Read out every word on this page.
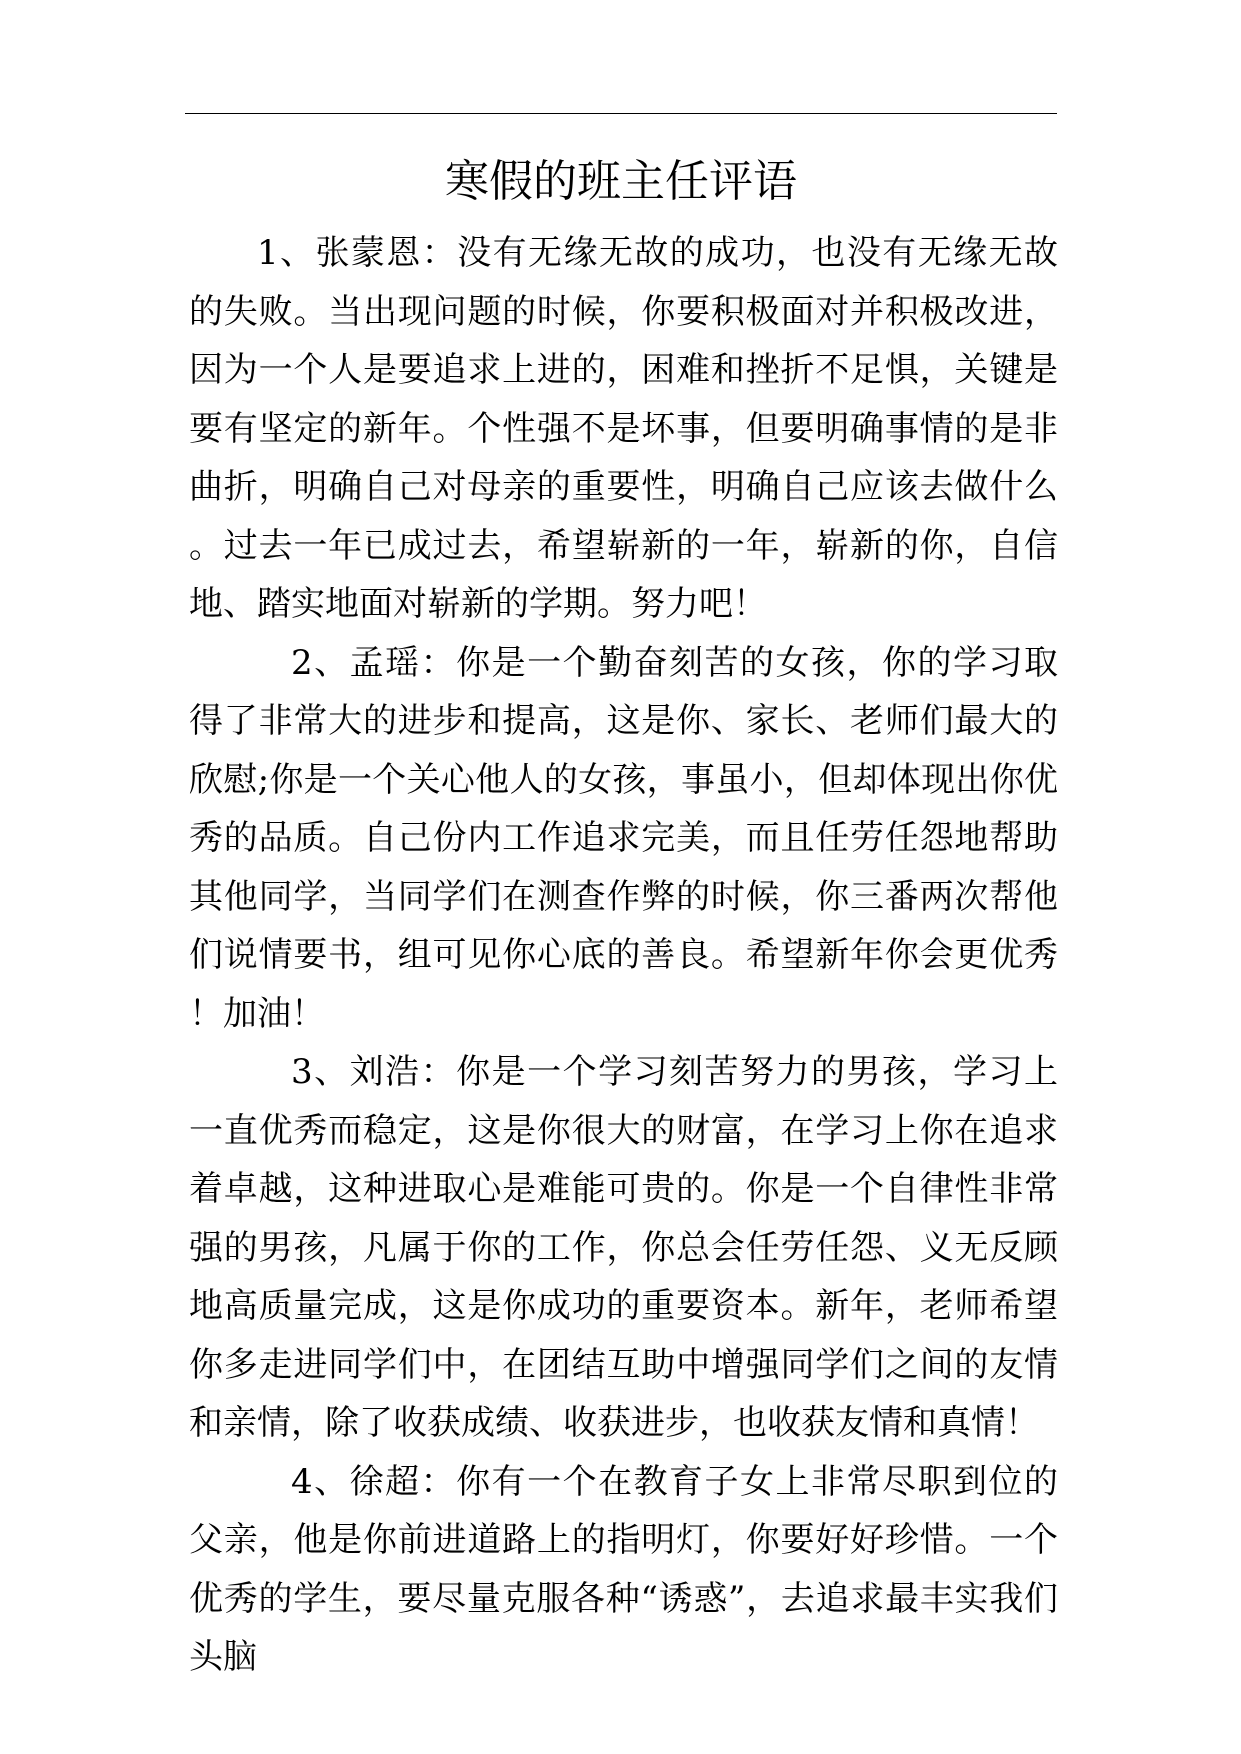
寒假的班主任评语

1、张蒙恩：没有无缘无故的成功，也没有无缘无故的失败。当出现问题的时候，你要积极面对并积极改进，因为一个人是要追求上进的，困难和挫折不足惧，关键是要有坚定的新年。个性强不是坏事，但要明确事情的是非曲折，明确自己对母亲的重要性，明确自己应该去做什么。过去一年已成过去，希望崭新的一年，崭新的你，自信地、踏实地面对崭新的学期。努力吧！

2、孟瑶：你是一个勤奋刻苦的女孩，你的学习取得了非常大的进步和提高，这是你、家长、老师们最大的欣慰;你是一个关心他人的女孩，事虽小，但却体现出你优秀的品质。自己份内工作追求完美，而且任劳任怨地帮助其他同学，当同学们在测查作弊的时候，你三番两次帮他们说情要书，组可见你心底的善良。希望新年你会更优秀！加油！

3、刘浩：你是一个学习刻苦努力的男孩，学习上一直优秀而稳定，这是你很大的财富，在学习上你在追求着卓越，这种进取心是难能可贵的。你是一个自律性非常强的男孩，凡属于你的工作，你总会任劳任怨、义无反顾地高质量完成，这是你成功的重要资本。新年，老师希望你多走进同学们中，在团结互助中增强同学们之间的友情和亲情，除了收获成绩、收获进步，也收获友情和真情！

4、徐超：你有一个在教育子女上非常尽职到位的父亲，他是你前进道路上的指明灯，你要好好珍惜。一个优秀的学生，要尽量克服各种“诱惑”，去追求最丰实我们头脑
